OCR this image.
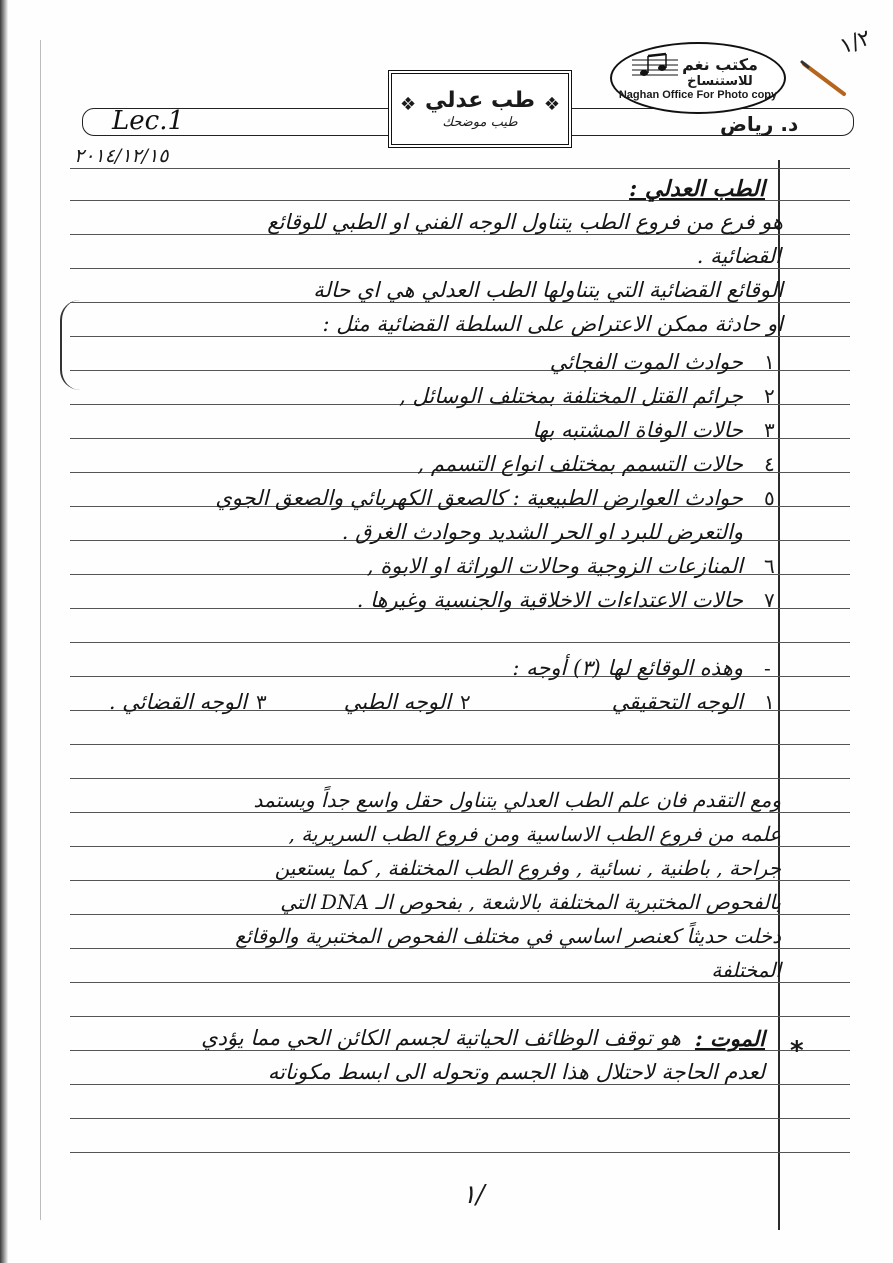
Lec.1
٢٠١٤/١٢/١٥
د. رياض
❖	❖
طب عدلي
طيب موضحك
مكتب نغم
للاستنساخ
Naghan Office For Photo copy
١/٢
الطب العدلي :
هو فرع من فروع الطب يتناول الوجه الفني او الطبي للوقائع
القضائية .
الوقائع القضائية التي يتناولها الطب العدلي هي اي حالة
او حادثة ممكن الاعتراض على السلطة القضائية مثل :
١
حوادث الموت الفجائي
٢
جرائم القتل المختلفة بمختلف الوسائل ,
٣
حالات الوفاة المشتبه بها
٤
حالات التسمم بمختلف انواع التسمم ,
٥
حوادث العوارض الطبيعية : كالصعق الكهربائي والصعق الجوي
والتعرض للبرد او الحر الشديد وحوادث الغرق .
٦
المنازعات الزوجية وحالات الوراثة او الابوة ,
٧
حالات الاعتداءات الاخلاقية والجنسية وغيرها .
-
وهذه الوقائع لها (٣) أوجه :
١
الوجه التحقيقي
٢
الوجه الطبي
٣
الوجه القضائي .
ومع التقدم فان علم الطب العدلي يتناول حقل واسع جداً ويستمد
علمه من فروع الطب الاساسية ومن فروع الطب السريرية ,
جراحة , باطنية , نسائية , وفروع الطب المختلفة , كما يستعين
بالفحوص المختبرية المختلفة بالاشعة , بفحوص الـ DNA التي
دخلت حديثاً كعنصر اساسي في مختلف الفحوص المختبرية والوقائع
المختلفة
*
الموت :
هو توقف الوظائف الحياتية لجسم الكائن الحي مما يؤدي
لعدم الحاجة لاحتلال هذا الجسم وتحوله الى ابسط مكوناته
١/
